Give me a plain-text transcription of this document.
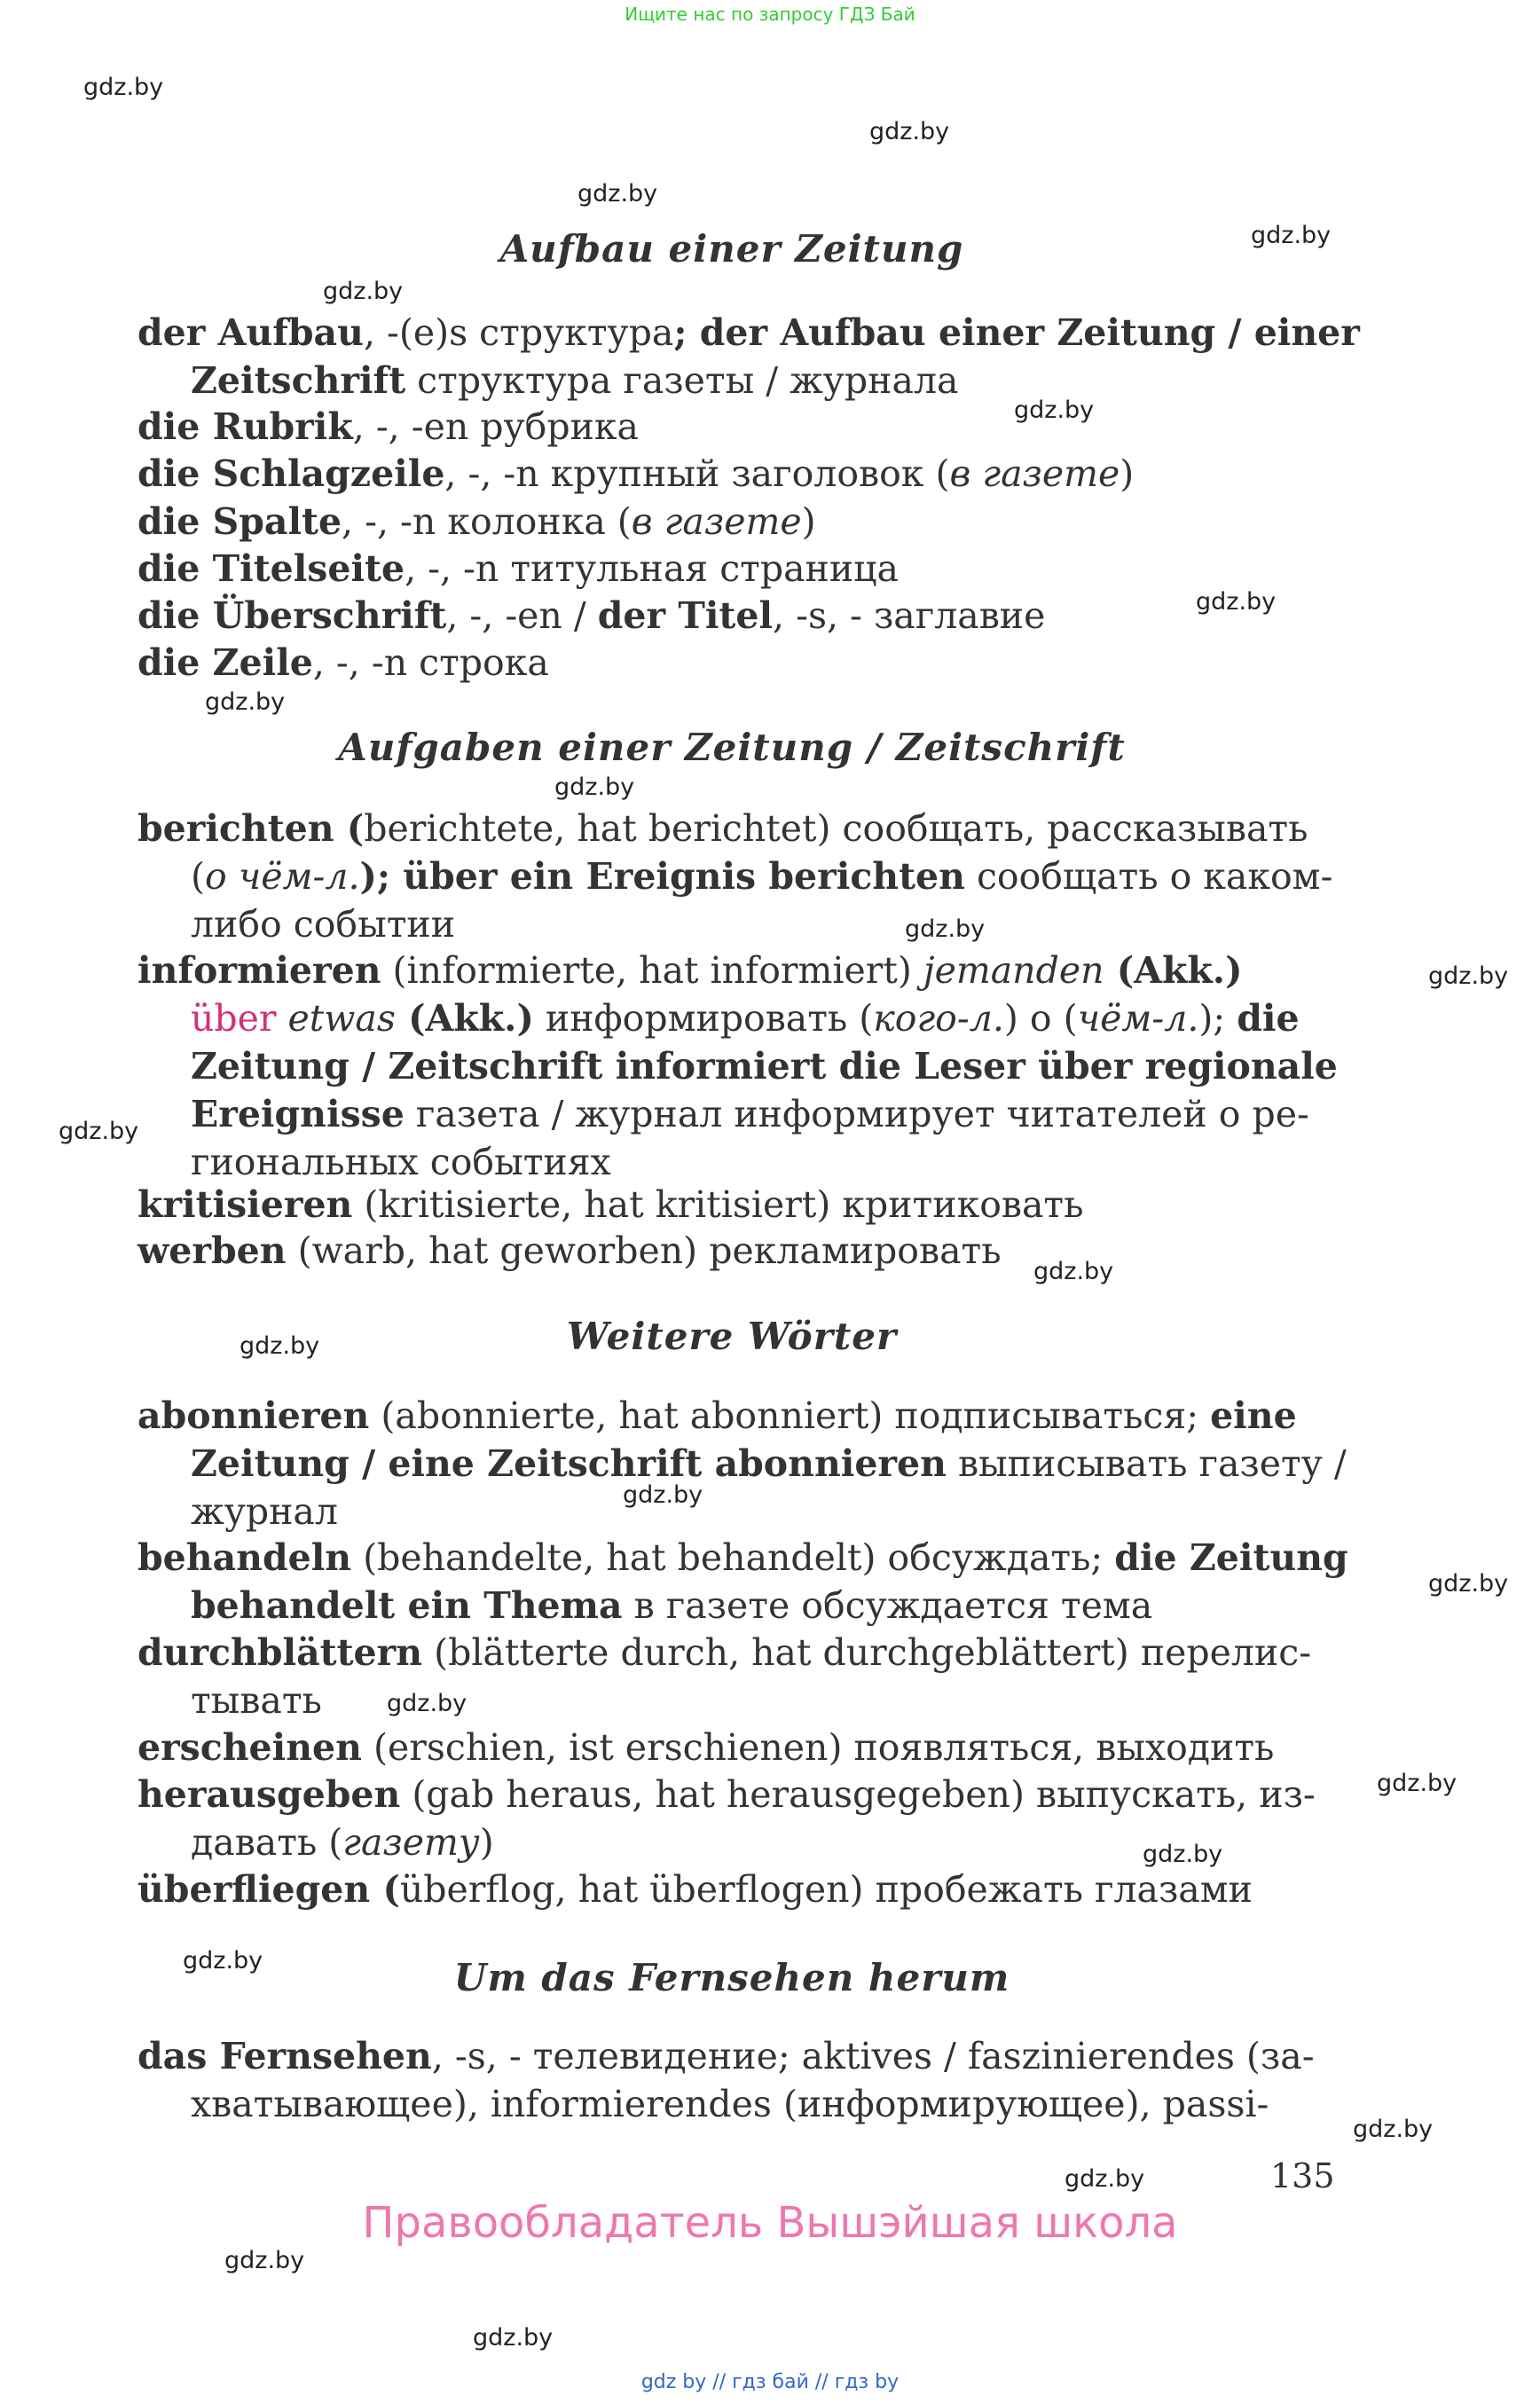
Ищите нас по запросу ГДЗ Бай
gdz.by
gdz.by
gdz.by
gdz.by
gdz.by
gdz.by
gdz.by
gdz.by
gdz.by
gdz.by
gdz.by
gdz.by
gdz.by
gdz.by
gdz.by
gdz.by
gdz.by
gdz.by
gdz.by
gdz.by
gdz.by
gdz.by
gdz.by
gdz.by
Aufbau einer Zeitung
der Aufbau, -(e)s структура; der Aufbau einer Zeitung / einer
Zeitschrift структура газеты / журнала
die Rubrik, -, -en рубрика
die Schlagzeile, -, -n крупный заголовок (в газете)
die Spalte, -, -n колонка (в газете)
die Titelseite, -, -n титульная страница
die Überschrift, -, -en / der Titel, -s, - заглавие
die Zeile, -, -n строка
Aufgaben einer Zeitung / Zeitschrift
berichten (berichtete, hat berichtet) сообщать, рассказывать
(о чём-л.); über ein Ereignis berichten сообщать о каком-
либо событии
informieren (informierte, hat informiert) jemanden (Akk.)
über etwas (Akk.) информировать (кого-л.) о (чём-л.); die
Zeitung / Zeitschrift informiert die Leser über regionale
Ereignisse газета / журнал информирует читателей о ре-
гиональных событиях
kritisieren (kritisierte, hat kritisiert) критиковать
werben (warb, hat geworben) рекламировать
Weitere Wörter
abonnieren (abonnierte, hat abonniert) подписываться; eine
Zeitung / eine Zeitschrift abonnieren выписывать газету /
журнал
behandeln (behandelte, hat behandelt) обсуждать; die Zeitung
behandelt ein Thema в газете обсуждается тема
durchblättern (blätterte durch, hat durchgeblättert) перелис-
тывать
erscheinen (erschien, ist erschienen) появляться, выходить
herausgeben (gab heraus, hat herausgegeben) выпускать, из-
давать (газету)
überfliegen (überflog, hat überflogen) пробежать глазами
Um das Fernsehen herum
das Fernsehen, -s, - телевидение; aktives / faszinierendes (за-
хватывающее), informierendes (информирующее), passi-
135
Правообладатель Вышэйшая школа
gdz by // гдз бай // гдз by
